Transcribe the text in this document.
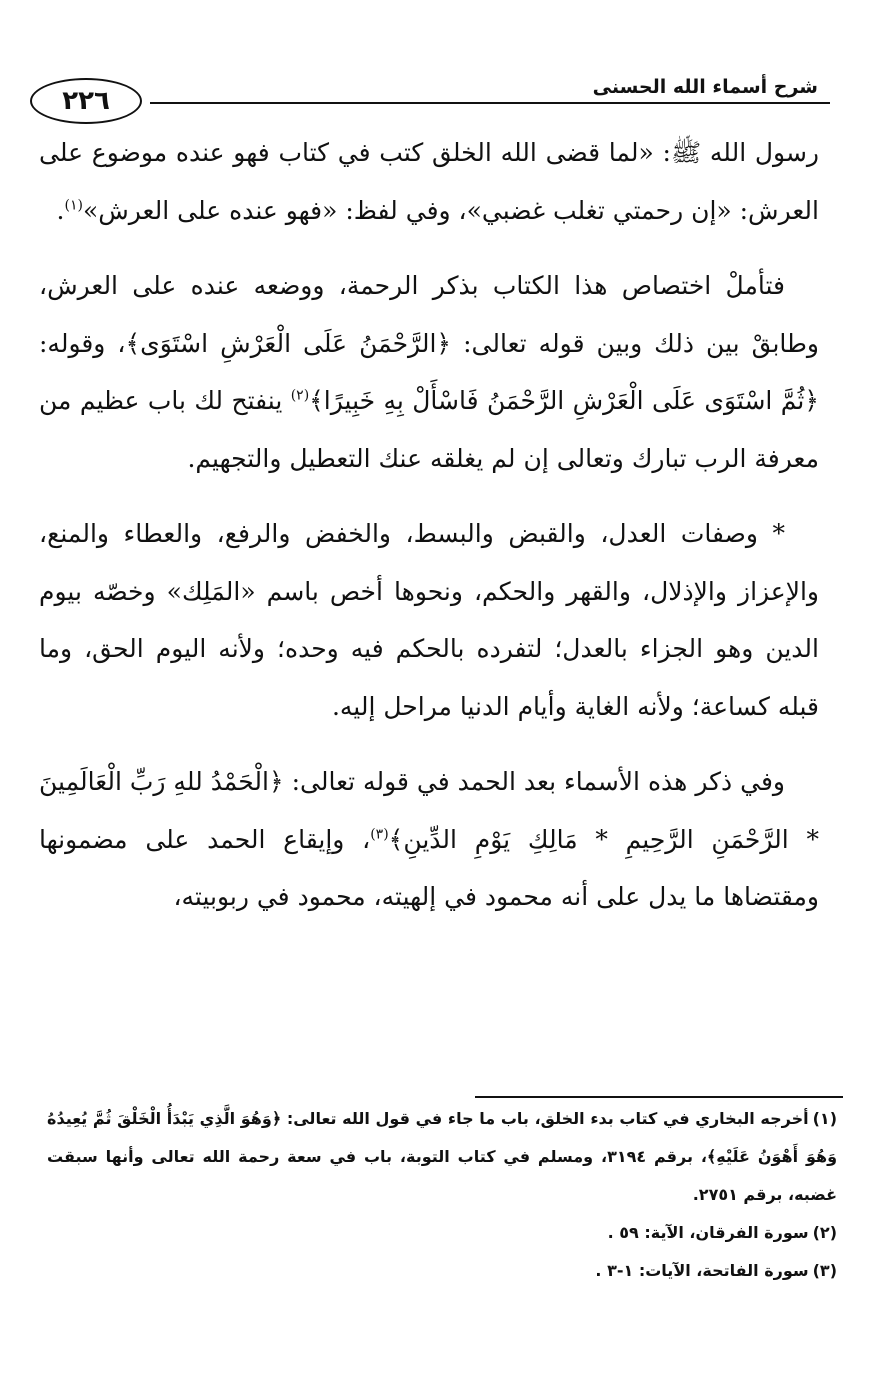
شرح أسماء الله الحسنى
٢٢٦

رسول الله ﷺ: «لما قضى الله الخلق كتب في كتاب فهو عنده موضوع على العرش: «إن رحمتي تغلب غضبي»، وفي لفظ: «فهو عنده على العرش»$^{(١)}$.

فتأملْ اختصاص هذا الكتاب بذكر الرحمة، ووضعه عنده على العرش، وطابقْ بين ذلك وبين قوله تعالى: ﴿الرَّحْمَنُ عَلَى الْعَرْشِ اسْتَوَى﴾، وقوله: ﴿ثُمَّ اسْتَوَى عَلَى الْعَرْشِ الرَّحْمَنُ فَاسْأَلْ بِهِ خَبِيرًا﴾$^{(٢)}$ ينفتح لك باب عظيم من معرفة الرب تبارك وتعالى إن لم يغلقه عنك التعطيل والتجهيم.

* وصفات العدل، والقبض والبسط، والخفض والرفع، والعطاء والمنع، والإعزاز والإذلال، والقهر والحكم، ونحوها أخص باسم «المَلِك» وخصّه بيوم الدين وهو الجزاء بالعدل؛ لتفرده بالحكم فيه وحده؛ ولأنه اليوم الحق، وما قبله كساعة؛ ولأنه الغاية وأيام الدنيا مراحل إليه.

وفي ذكر هذه الأسماء بعد الحمد في قوله تعالى: ﴿الْحَمْدُ للهِ رَبِّ الْعَالَمِينَ * الرَّحْمَنِ الرَّحِيمِ * مَالِكِ يَوْمِ الدِّينِ﴾$^{(٣)}$، وإيقاع الحمد على مضمونها ومقتضاها ما يدل على أنه محمود في إلهيته، محمود في ربوبيته،

(١)أخرجه البخاري في كتاب بدء الخلق، باب ما جاء في قول الله تعالى: ﴿وَهُوَ الَّذِي يَبْدَأُ الْخَلْقَ ثُمَّ يُعِيدُهُ وَهُوَ أَهْوَنُ عَلَيْهِ﴾، برقم ٣١٩٤، ومسلم في كتاب التوبة، باب في سعة رحمة الله تعالى وأنها سبقت غضبه، برقم ٢٧٥١.

(٢)سورة الفرقان، الآية: ٥٩ .

(٣)سورة الفاتحة، الآيات: ١-٣ .
